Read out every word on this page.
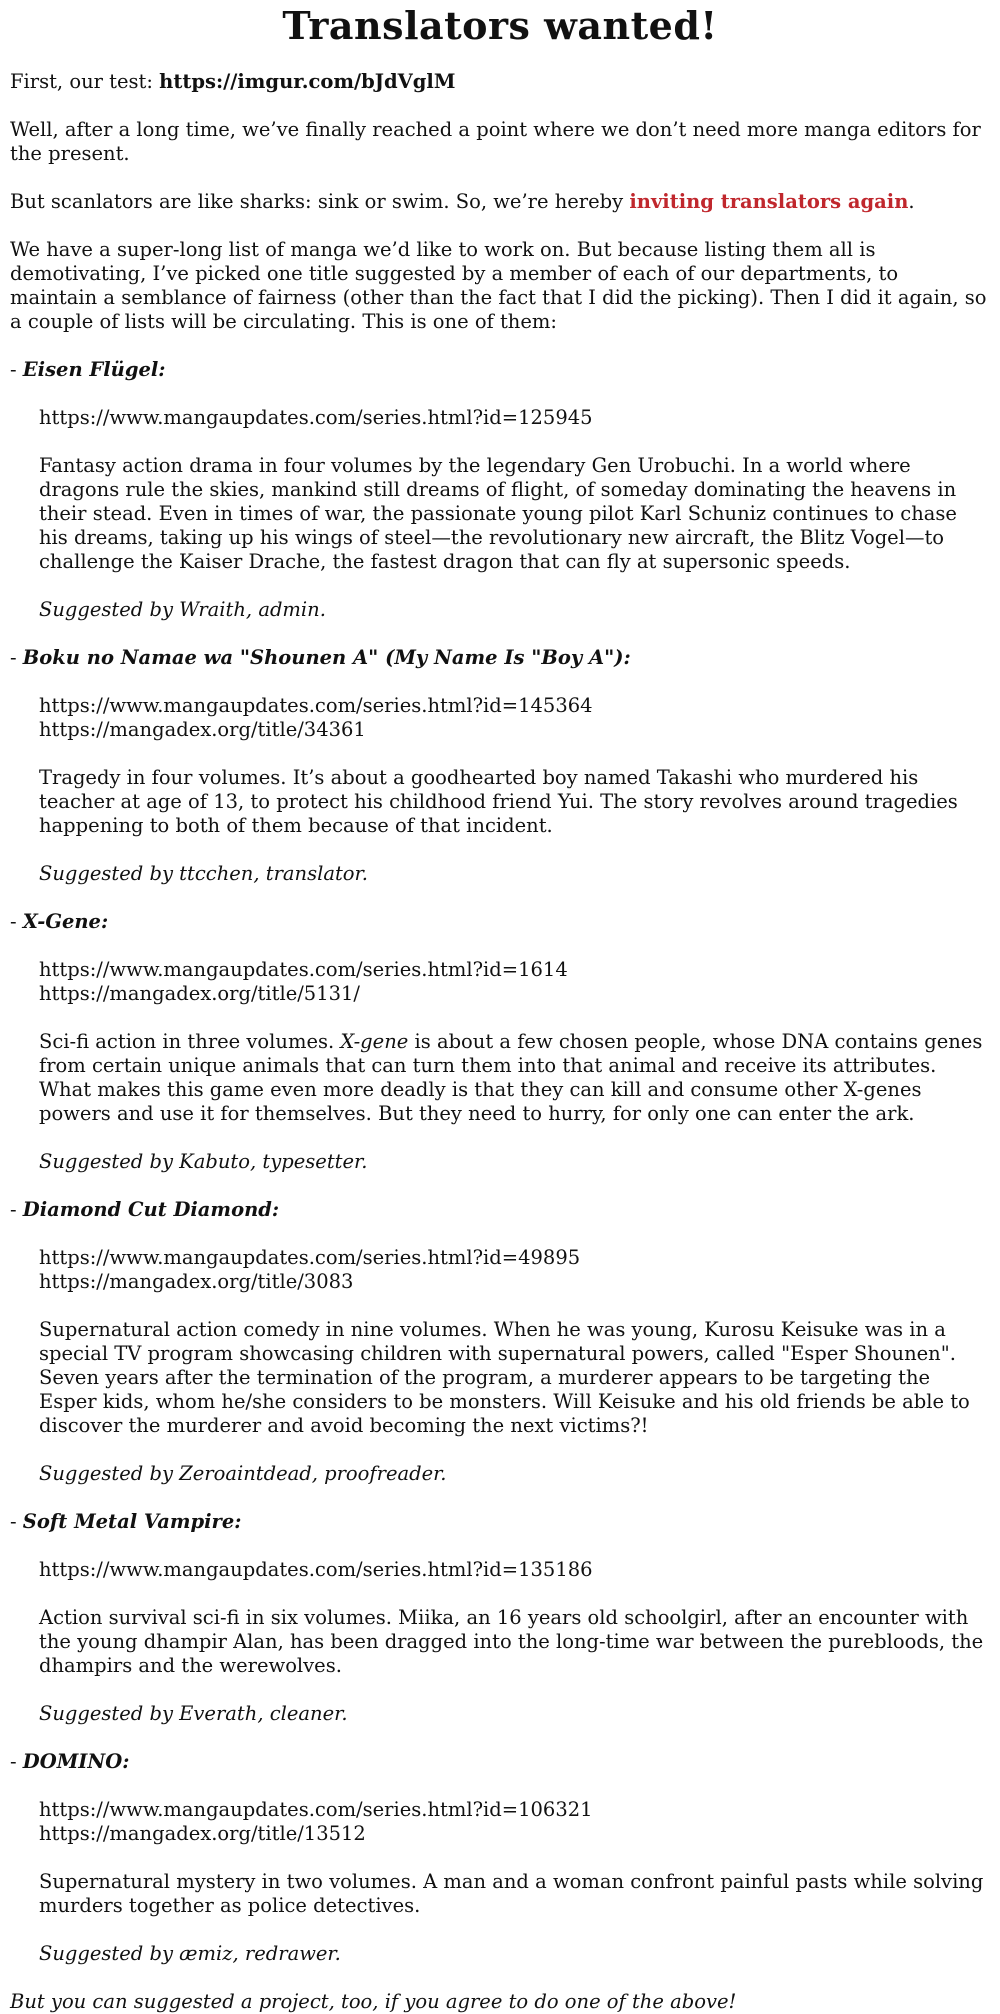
Translators wanted!

First, our test: https://imgur.com/bJdVglM

Well, after a long time, we’ve finally reached a point where we don’t need more manga editors for the present.

But scanlators are like sharks: sink or swim. So, we’re hereby inviting translators again.

We have a super-long list of manga we’d like to work on. But because listing them all is demotivating, I’ve picked one title suggested by a member of each of our departments, to maintain a semblance of fairness (other than the fact that I did the picking). Then I did it again, so a couple of lists will be circulating. This is one of them:

- Eisen Flügel:
https://www.mangaupdates.com/series.html?id=125945

Fantasy action drama in four volumes by the legendary Gen Urobuchi. In a world where dragons rule the skies, mankind still dreams of flight, of someday dominating the heavens in their stead. Even in times of war, the passionate young pilot Karl Schuniz continues to chase his dreams, taking up his wings of steel—the revolutionary new aircraft, the Blitz Vogel—to challenge the Kaiser Drache, the fastest dragon that can fly at supersonic speeds.

Suggested by Wraith, admin.

- Boku no Namae wa "Shounen A" (My Name Is "Boy A"):
https://www.mangaupdates.com/series.html?id=145364
https://mangadex.org/title/34361

Tragedy in four volumes. It’s about a goodhearted boy named Takashi who murdered his teacher at age of 13, to protect his childhood friend Yui. The story revolves around tragedies happening to both of them because of that incident.

Suggested by ttcchen, translator.

- X-Gene:
https://www.mangaupdates.com/series.html?id=1614
https://mangadex.org/title/5131/

Sci-fi action in three volumes. X-gene is about a few chosen people, whose DNA contains genes from certain unique animals that can turn them into that animal and receive its attributes. What makes this game even more deadly is that they can kill and consume other X-genes powers and use it for themselves. But they need to hurry, for only one can enter the ark.

Suggested by Kabuto, typesetter.

- Diamond Cut Diamond:
https://www.mangaupdates.com/series.html?id=49895
https://mangadex.org/title/3083

Supernatural action comedy in nine volumes. When he was young, Kurosu Keisuke was in a special TV program showcasing children with supernatural powers, called "Esper Shounen". Seven years after the termination of the program, a murderer appears to be targeting the Esper kids, whom he/she considers to be monsters. Will Keisuke and his old friends be able to discover the murderer and avoid becoming the next victims?!

Suggested by Zeroaintdead, proofreader.

- Soft Metal Vampire:
https://www.mangaupdates.com/series.html?id=135186

Action survival sci-fi in six volumes. Miika, an 16 years old schoolgirl, after an encounter with the young dhampir Alan, has been dragged into the long-time war between the purebloods, the dhampirs and the werewolves.

Suggested by Everath, cleaner.

- DOMINO:
https://www.mangaupdates.com/series.html?id=106321
https://mangadex.org/title/13512

Supernatural mystery in two volumes. A man and a woman confront painful pasts while solving murders together as police detectives.

Suggested by æmiz, redrawer.

But you can suggested a project, too, if you agree to do one of the above!
